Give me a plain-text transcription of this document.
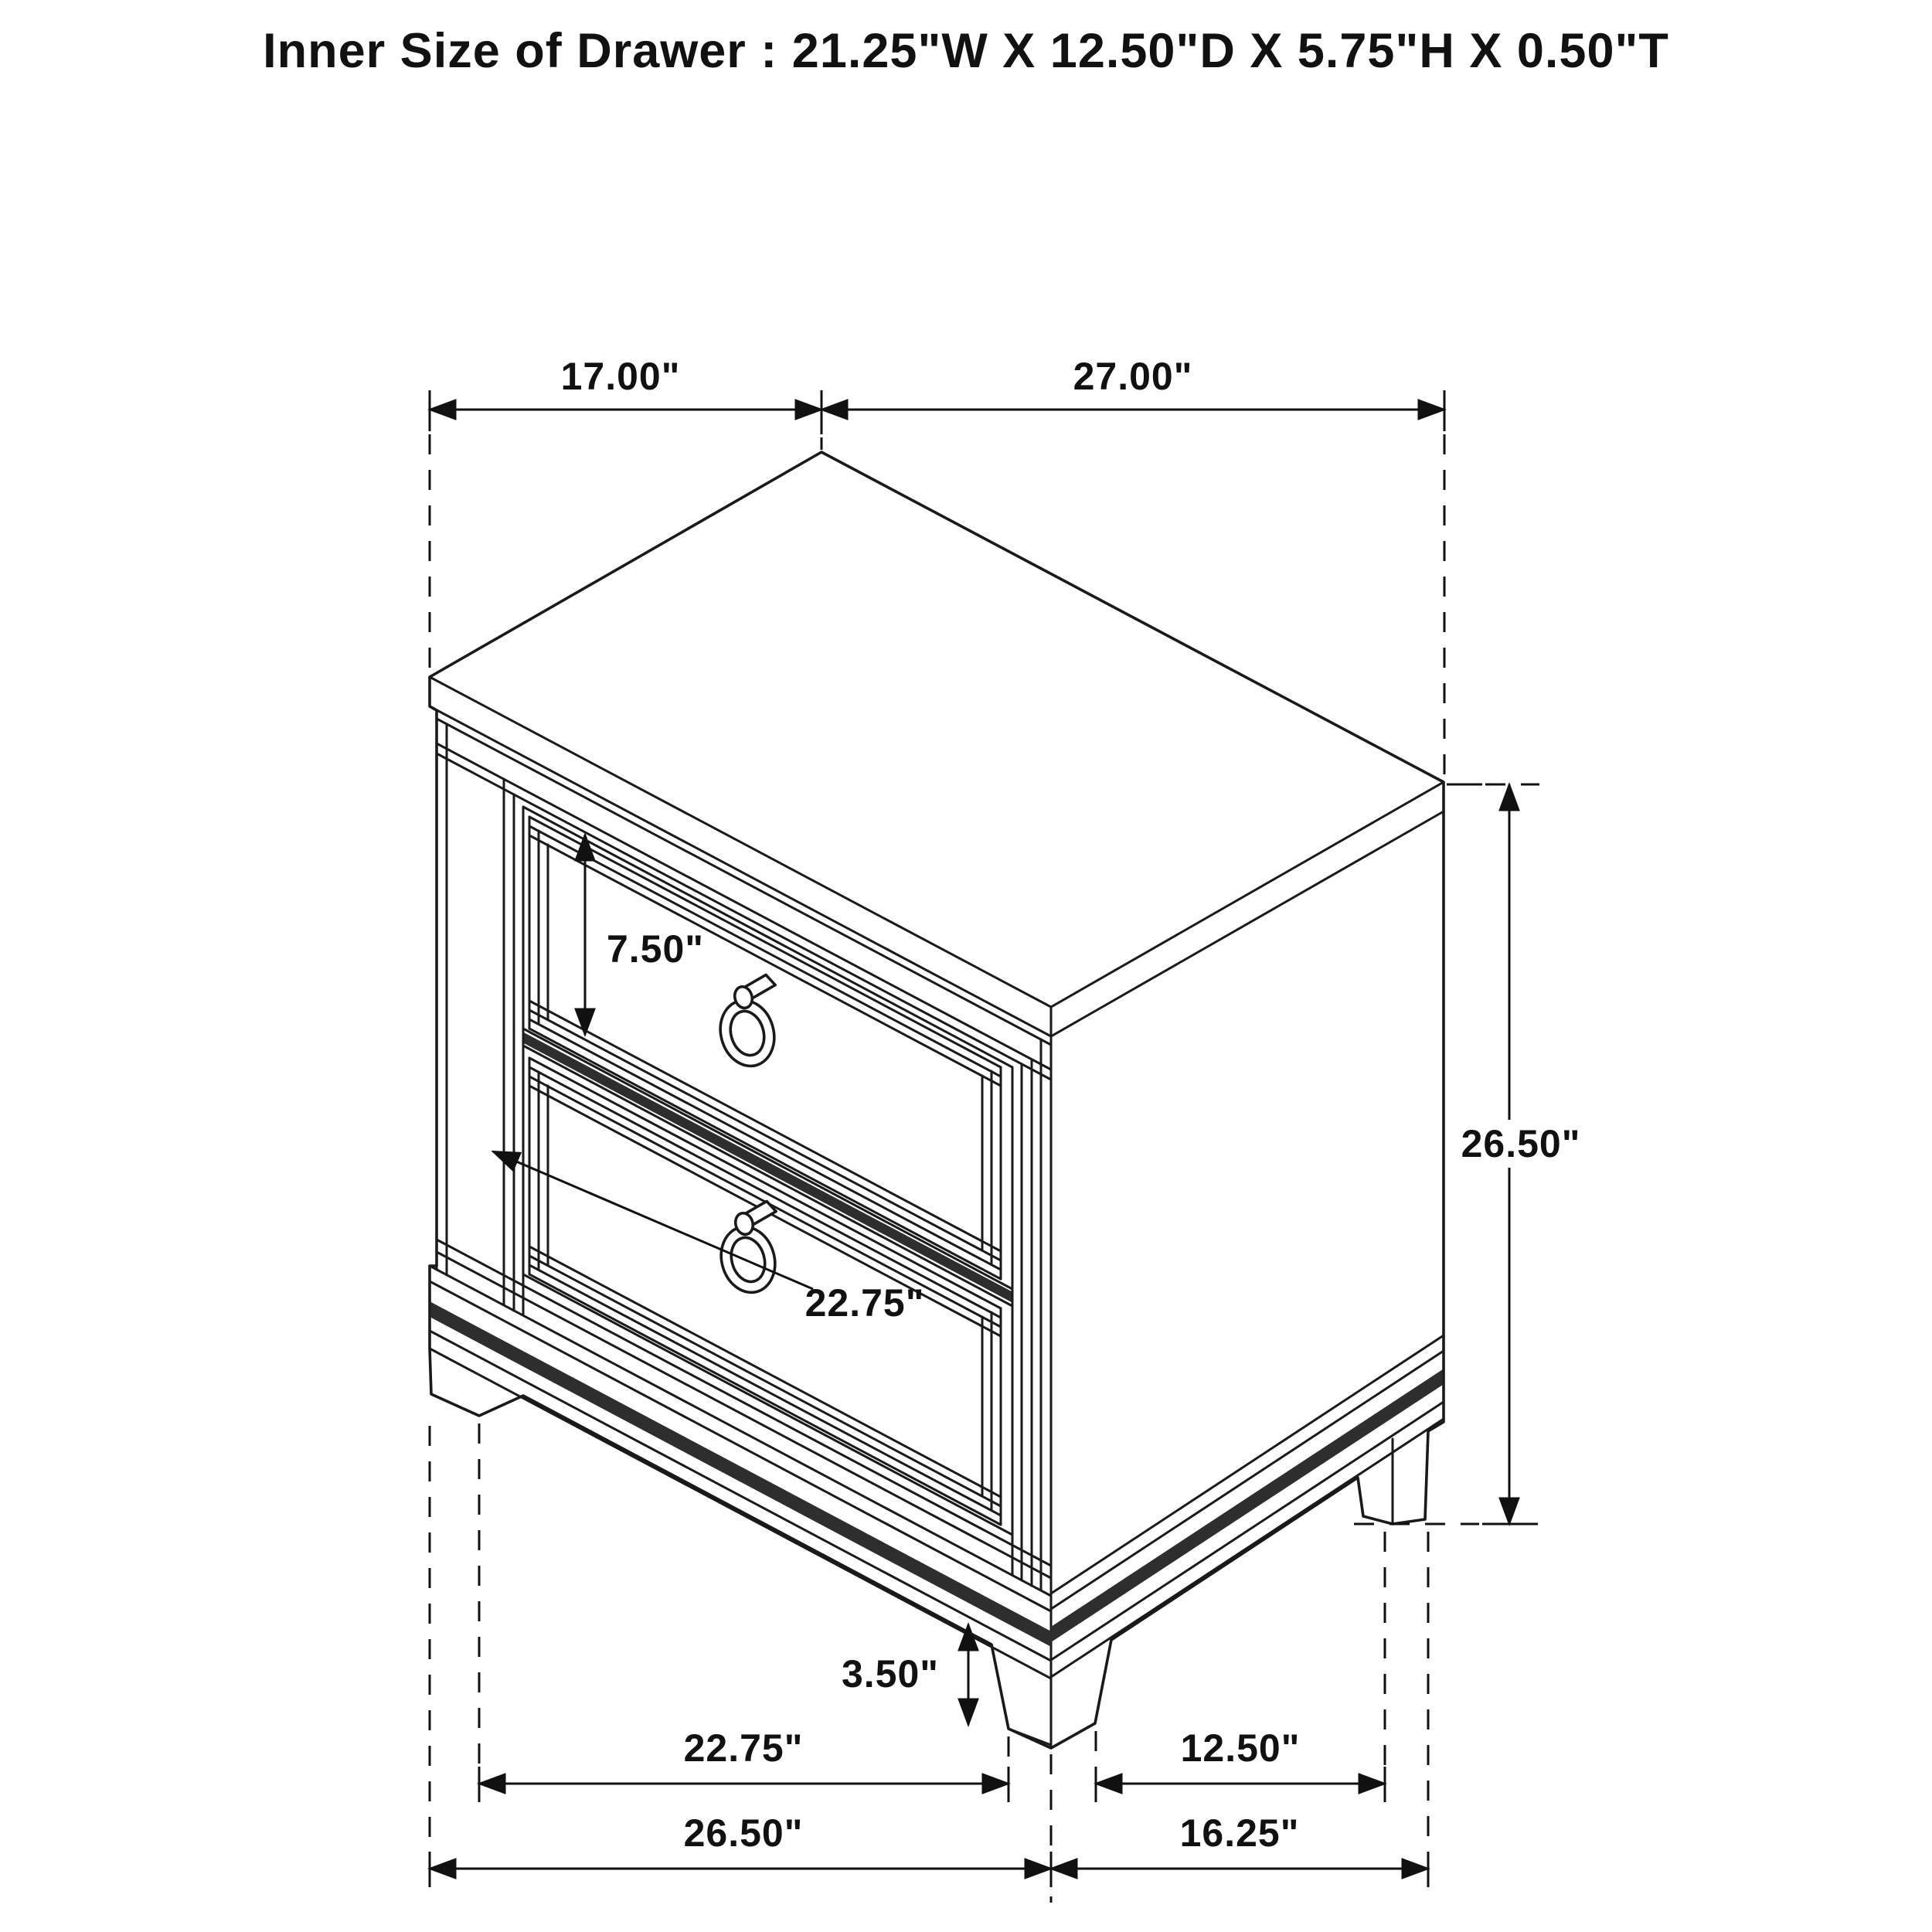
Inner Size of Drawer : 21.25"W X 12.50"D X 5.75"H X 0.50"T
17.00"	27.00"
7.50"
22.75"
26.50"
3.50"
22.75"	12.50"
26.50"	16.25"
